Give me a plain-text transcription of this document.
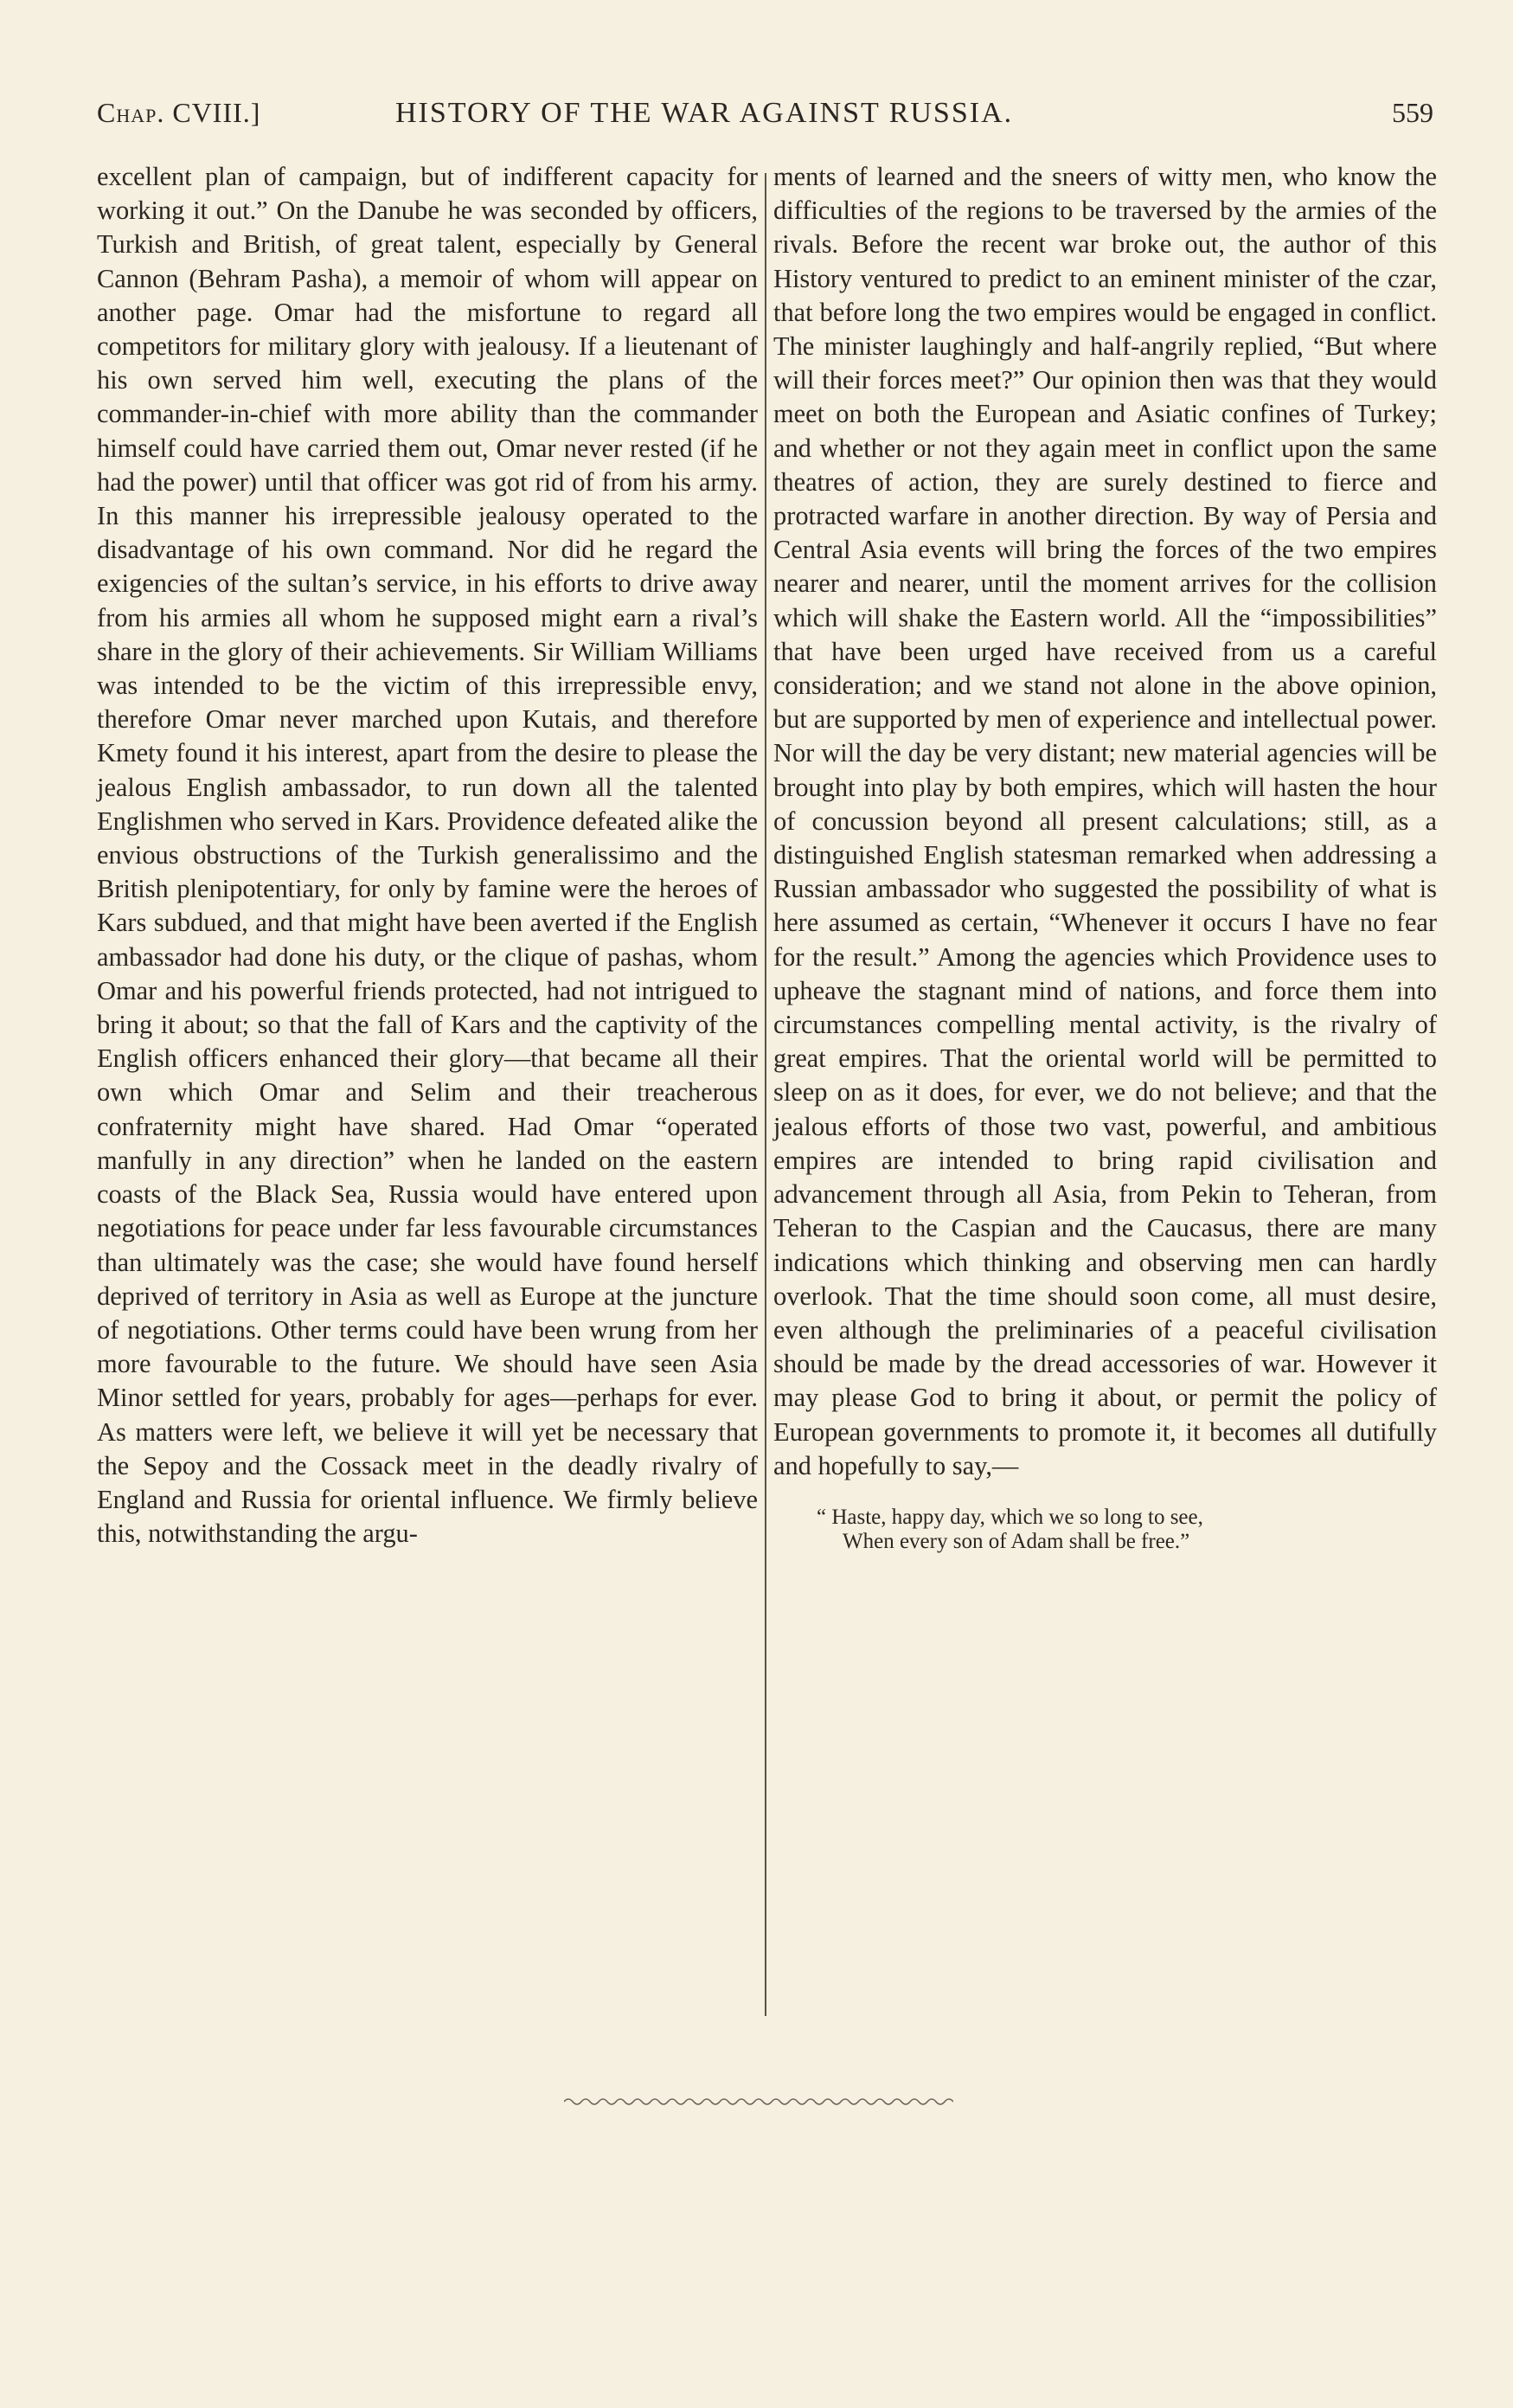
Chap. CVIII.]	HISTORY OF THE WAR AGAINST RUSSIA.	559

excellent plan of campaign, but of indifferent capacity for working it out.” On the Danube he was seconded by officers, Turkish and British, of great talent, especially by General Cannon (Behram Pasha), a memoir of whom will appear on another page. Omar had the misfortune to regard all competitors for military glory with jealousy. If a lieutenant of his own served him well, executing the plans of the commander-in-chief with more ability than the commander himself could have carried them out, Omar never rested (if he had the power) until that officer was got rid of from his army. In this manner his irrepressible jealousy operated to the disadvantage of his own command. Nor did he regard the exigencies of the sultan’s service, in his efforts to drive away from his armies all whom he supposed might earn a rival’s share in the glory of their achievements. Sir William Williams was intended to be the victim of this irrepressible envy, therefore Omar never marched upon Kutais, and therefore Kmety found it his interest, apart from the desire to please the jealous English ambassador, to run down all the talented Englishmen who served in Kars. Providence defeated alike the envious obstructions of the Turkish generalissimo and the British plenipotentiary, for only by famine were the heroes of Kars subdued, and that might have been averted if the English ambassador had done his duty, or the clique of pashas, whom Omar and his powerful friends protected, had not intrigued to bring it about; so that the fall of Kars and the captivity of the English officers enhanced their glory—that became all their own which Omar and Selim and their treacherous confraternity might have shared. Had Omar “operated manfully in any direction” when he landed on the eastern coasts of the Black Sea, Russia would have entered upon negotiations for peace under far less favourable circumstances than ultimately was the case; she would have found herself deprived of territory in Asia as well as Europe at the juncture of negotiations. Other terms could have been wrung from her more favourable to the future. We should have seen Asia Minor settled for years, probably for ages—perhaps for ever. As matters were left, we believe it will yet be necessary that the Sepoy and the Cossack meet in the deadly rivalry of England and Russia for oriental influence. We firmly believe this, notwithstanding the argu-

ments of learned and the sneers of witty men, who know the difficulties of the regions to be traversed by the armies of the rivals. Before the recent war broke out, the author of this History ventured to predict to an eminent minister of the czar, that before long the two empires would be engaged in conflict. The minister laughingly and half-angrily replied, “But where will their forces meet?” Our opinion then was that they would meet on both the European and Asiatic confines of Turkey; and whether or not they again meet in conflict upon the same theatres of action, they are surely destined to fierce and protracted warfare in another direction. By way of Persia and Central Asia events will bring the forces of the two empires nearer and nearer, until the moment arrives for the collision which will shake the Eastern world. All the “impossibilities” that have been urged have received from us a careful consideration; and we stand not alone in the above opinion, but are supported by men of experience and intellectual power. Nor will the day be very distant; new material agencies will be brought into play by both empires, which will hasten the hour of concussion beyond all present calculations; still, as a distinguished English statesman remarked when addressing a Russian ambassador who suggested the possibility of what is here assumed as certain, “Whenever it occurs I have no fear for the result.” Among the agencies which Providence uses to upheave the stagnant mind of nations, and force them into circumstances compelling mental activity, is the rivalry of great empires. That the oriental world will be permitted to sleep on as it does, for ever, we do not believe; and that the jealous efforts of those two vast, powerful, and ambitious empires are intended to bring rapid civilisation and advancement through all Asia, from Pekin to Teheran, from Teheran to the Caspian and the Caucasus, there are many indications which thinking and observing men can hardly overlook. That the time should soon come, all must desire, even although the preliminaries of a peaceful civilisation should be made by the dread accessories of war. However it may please God to bring it about, or permit the policy of European governments to promote it, it becomes all dutifully and hopefully to say,—

“ Haste, happy day, which we so long to see,
When every son of Adam shall be free.”
